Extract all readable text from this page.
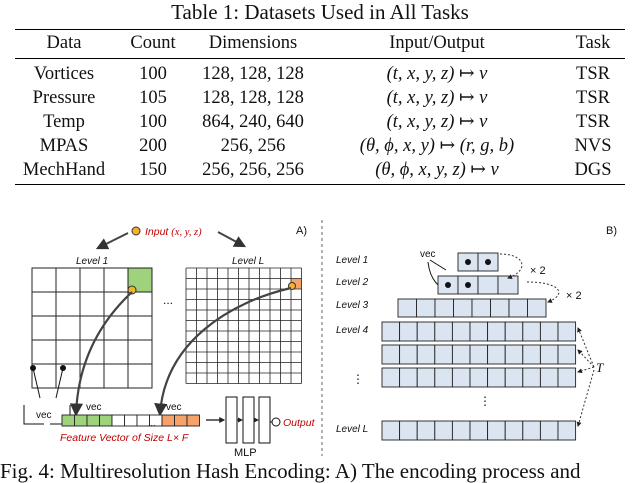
Table 1: Datasets Used in All Tasks
Data	Count	Dimensions	Input/Output	Task
Vortices	100	128, 128, 128	(t, x, y, z) ↦ v	TSR
Pressure	105	128, 128, 128	(t, x, y, z) ↦ v	TSR
Temp	100	864, 240, 640	(t, x, y, z) ↦ v	TSR
MPAS	200	256, 256	(θ, ϕ, x, y) ↦ (r, g, b)	NVS
MechHand	150	256, 256, 256	(θ, ϕ, x, y, z) ↦ v	DGS
A)
Input (x, y, z)
Level 1	Level L
...
vec
vec	vec
...
Feature Vector of Size L× F
MLP
Output
B)
Level 1
Level 2
Level 3
Level 4
Level L
vec
⋮
⋮
× 2
× 2
T
Fig. 4: Multiresolution Hash Encoding: A) The encoding process and
